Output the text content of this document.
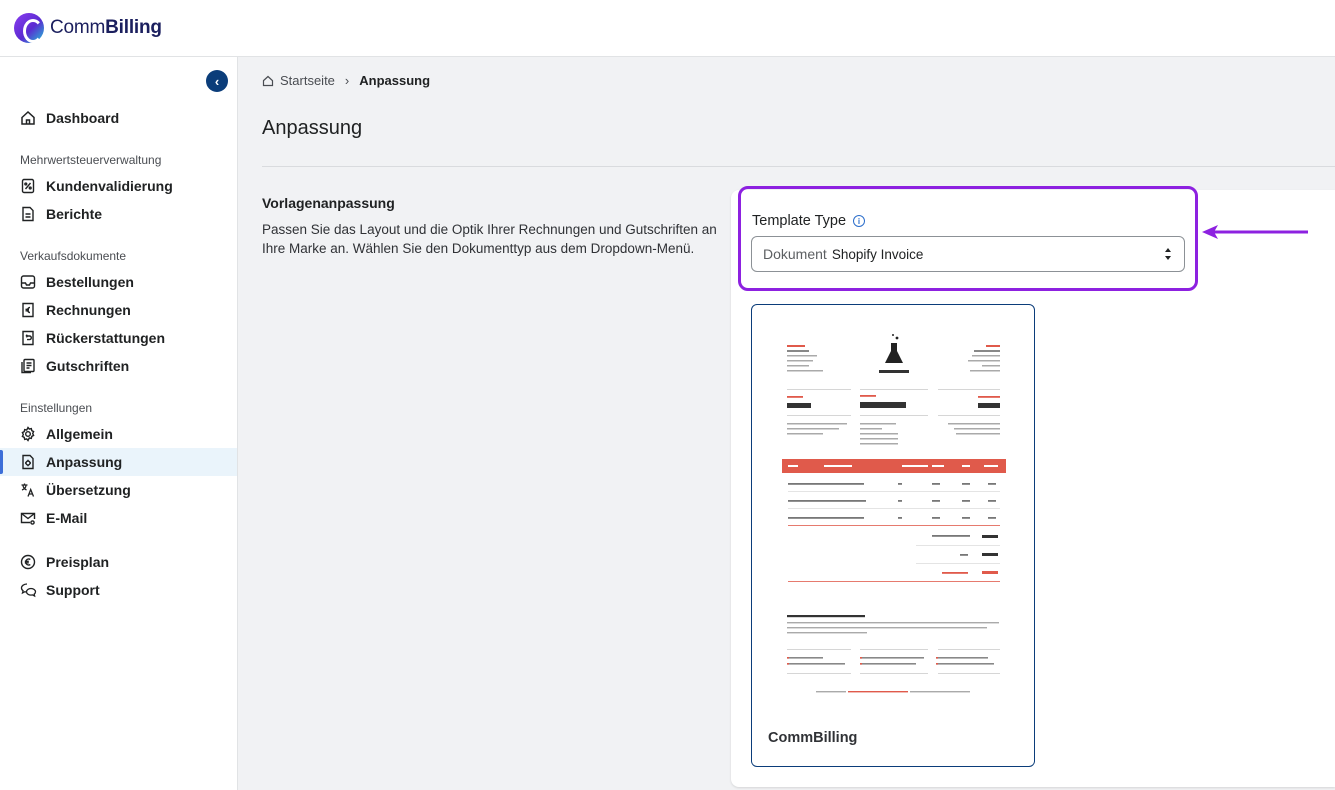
CommBilling
‹
Dashboard
Mehrwertsteuerverwaltung
Kundenvalidierung
Berichte
Verkaufsdokumente
Bestellungen
Rechnungen
Rückerstattungen
Gutschriften
Einstellungen
Allgemein
Anpassung
Übersetzung
E-Mail
Preisplan
Support
Startseite › Anpassung
Anpassung
Vorlagenanpassung
Passen Sie das Layout und die Optik Ihrer Rechnungen und Gutschriften an Ihre Marke an. Wählen Sie den Dokumenttyp aus dem Dropdown-Menü.
Template Type	i
Dokument Shopify Invoice
CommBilling
